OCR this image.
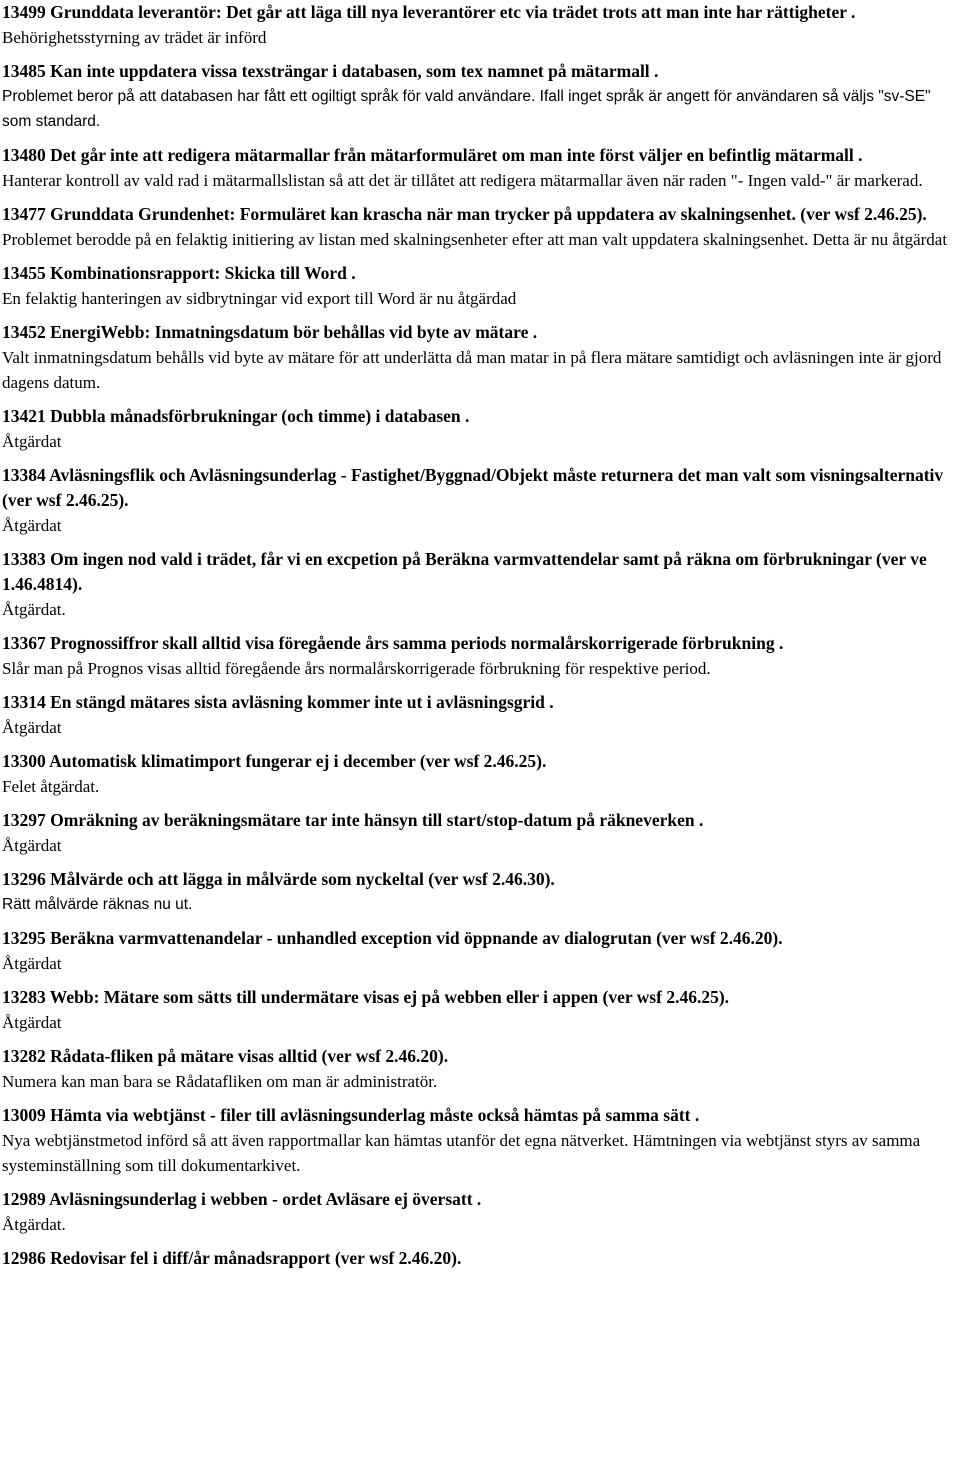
13499 Grunddata leverantör: Det går att läga till nya leverantörer etc via trädet trots att man inte har rättigheter .

Behörighetsstyrning av trädet är införd

13485 Kan inte uppdatera vissa texsträngar i databasen, som tex namnet på mätarmall .

Problemet beror på att databasen har fått ett ogiltigt språk för vald användare. Ifall inget språk är angett för användaren så väljs "sv-SE" som standard.

13480 Det går inte att redigera mätarmallar från mätarformuläret om man inte först väljer en befintlig mätarmall .

Hanterar kontroll av vald rad i mätarmallslistan så att det är tillåtet att redigera mätarmallar även när raden "- Ingen vald-" är markerad.

13477 Grunddata Grundenhet: Formuläret kan krascha när man trycker på uppdatera av skalningsenhet. (ver wsf 2.46.25).

Problemet berodde på en felaktig initiering av listan med skalningsenheter efter att man valt uppdatera skalningsenhet. Detta är nu åtgärdat

13455 Kombinationsrapport: Skicka till Word .

En felaktig hanteringen av sidbrytningar vid export till Word är nu åtgärdad

13452 EnergiWebb: Inmatningsdatum bör behållas vid byte av mätare .

Valt inmatningsdatum behålls vid byte av mätare för att underlätta då man matar in på flera mätare samtidigt och avläsningen inte är gjord dagens datum.

13421 Dubbla månadsförbrukningar (och timme) i databasen .

Åtgärdat

13384 Avläsningsflik och Avläsningsunderlag - Fastighet/Byggnad/Objekt måste returnera det man valt som visningsalternativ (ver wsf 2.46.25).

Åtgärdat

13383 Om ingen nod vald i trädet, får vi en excpetion på Beräkna varmvattendelar samt på räkna om förbrukningar (ver ve 1.46.4814).

Åtgärdat.

13367 Prognossiffror skall alltid visa föregående års samma periods normalårskorrigerade förbrukning .

Slår man på Prognos visas alltid föregående års normalårskorrigerade förbrukning för respektive period.

13314 En stängd mätares sista avläsning kommer inte ut i avläsningsgrid .

Åtgärdat

13300 Automatisk klimatimport fungerar ej i december (ver wsf 2.46.25).

Felet åtgärdat.

13297 Omräkning av beräkningsmätare tar inte hänsyn till start/stop-datum på räkneverken .

Åtgärdat

13296 Målvärde och att lägga in målvärde som nyckeltal (ver wsf 2.46.30).

Rätt målvärde räknas nu ut.

13295 Beräkna varmvattenandelar - unhandled exception vid öppnande av dialogrutan (ver wsf 2.46.20).

Åtgärdat

13283 Webb: Mätare som sätts till undermätare visas ej på webben eller i appen (ver wsf 2.46.25).

Åtgärdat

13282 Rådata-fliken på mätare visas alltid (ver wsf 2.46.20).

Numera kan man bara se Rådatafliken om man är administratör.

13009 Hämta via webtjänst - filer till avläsningsunderlag måste också hämtas på samma sätt .

Nya webtjänstmetod införd så att även rapportmallar kan hämtas utanför det egna nätverket. Hämtningen via webtjänst styrs av samma systeminställning som till dokumentarkivet.

12989 Avläsningsunderlag i webben - ordet Avläsare ej översatt .

Åtgärdat.

12986 Redovisar fel i diff/år månadsrapport (ver wsf 2.46.20).
